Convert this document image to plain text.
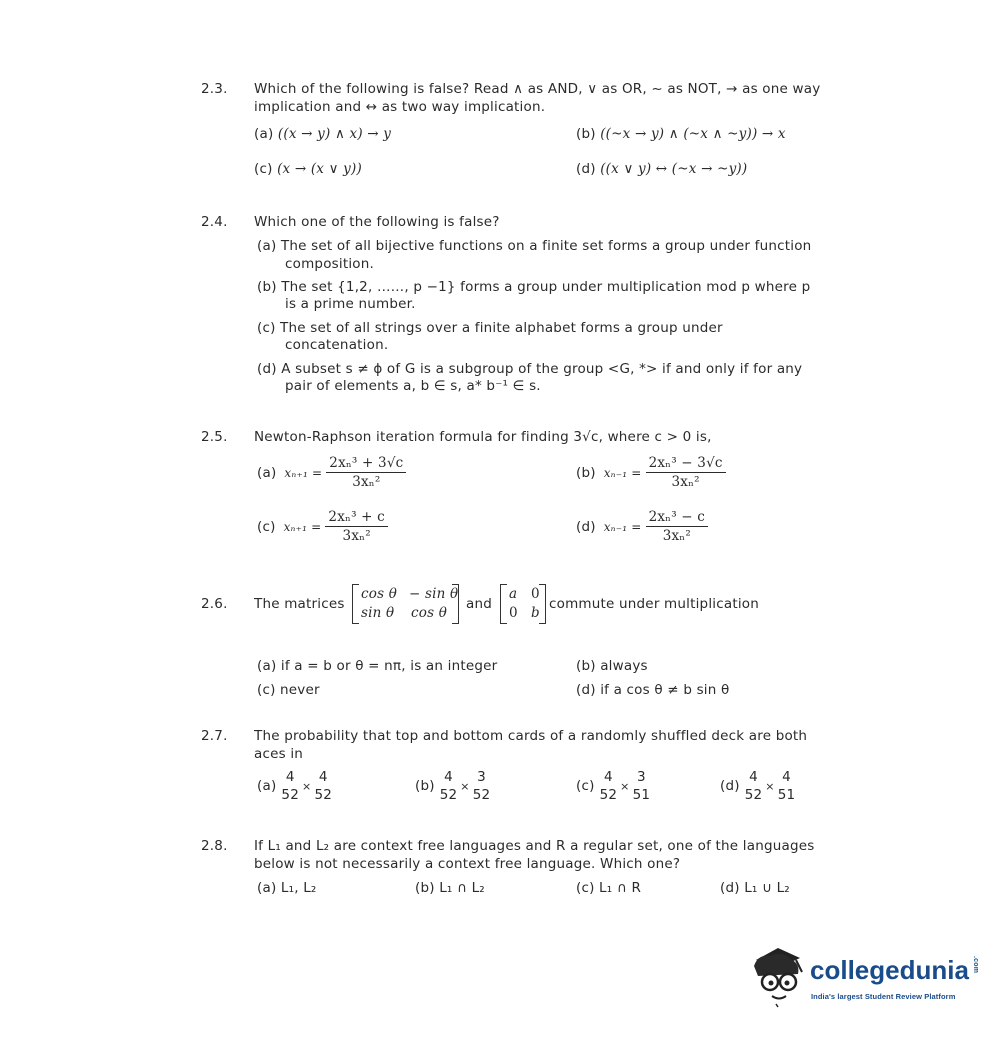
2.3. Which of the following is false? Read ∧ as AND, ∨ as OR, ~ as NOT, → as one way
implication and ↔ as two way implication.
(a) ((x → y) ∧ x) → y	(b) ((~x → y) ∧ (~x ∧ ~y)) → x
(c) (x → (x ∨ y))	(d) ((x ∨ y) ↔ (~x → ~y))
2.4. Which one of the following is false?
(a) The set of all bijective functions on a finite set forms a group under function
composition.
(b) The set {1,2, ……, p −1} forms a group under multiplication mod p where p
is a prime number.
(c) The set of all strings over a finite alphabet forms a group under
concatenation.
(d) A subset s ≠ ϕ of G is a subgroup of the group <G, *> if and only if for any
pair of elements a, b ∈ s, a* b⁻¹ ∈ s.
2.5. Newton-Raphson iteration formula for finding 3√c, where c > 0 is,
(a) $x_{n+1} = \frac{\text{2xₙ³ + 3√c}}{\text{3xₙ²}}$	(b) $x_{n-1} = \frac{\text{2xₙ³ − 3√c}}{\text{3xₙ²}}$
(c) $x_{n+1} = \frac{\text{2xₙ³ + c}}{\text{3xₙ²}}$	(d) $x_{n-1} = \frac{\text{2xₙ³ − c}}{\text{3xₙ²}}$
2.6. The matrices
cos θ − sin θ
sin θ cos θ
and
a 0
0 b
commute under multiplication
(a) if a = b or θ = nπ, is an integer	(b) always
(c) never	(d) if a cos θ ≠ b sin θ
2.7. The probability that top and bottom cards of a randomly shuffled deck are both
aces in
(a)
4
52
×
4
52
(b)
4
52
×
3
52
(c)
4
52
×
3
51
(d)
4
52
×
4
51
2.8. If L₁ and L₂ are context free languages and R a regular set, one of the languages
below is not necessarily a context free language. Which one?
(a) L₁, L₂	(b) L₁ ∩ L₂	(c) L₁ ∩ R	(d) L₁ ∪ L₂
collegedunia .com
India's largest Student Review Platform
